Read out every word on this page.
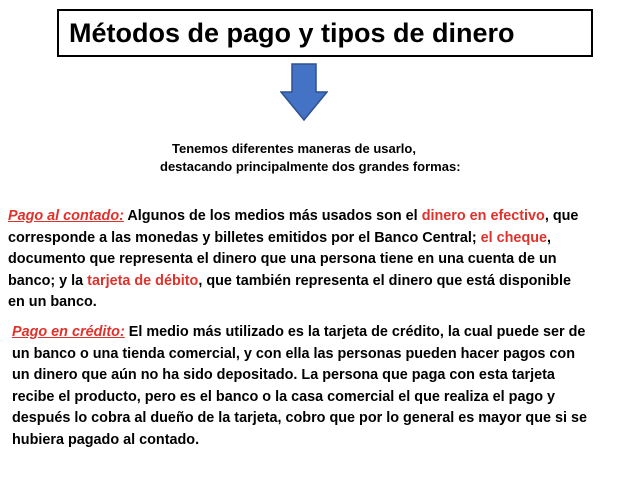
Métodos de pago y tipos de dinero
Tenemos diferentes maneras de usarlo,
destacando principalmente dos grandes formas:

Pago al contado: Algunos de los medios más usados son el dinero en efectivo, que
corresponde a las monedas y billetes emitidos por el Banco Central; el cheque,
documento que representa el dinero que una persona tiene en una cuenta de un
banco; y la tarjeta de débito, que también representa el dinero que está disponible
en un banco.

Pago en crédito: El medio más utilizado es la tarjeta de crédito, la cual puede ser de
un banco o una tienda comercial, y con ella las personas pueden hacer pagos con
un dinero que aún no ha sido depositado. La persona que paga con esta tarjeta
recibe el producto, pero es el banco o la casa comercial el que realiza el pago y
después lo cobra al dueño de la tarjeta, cobro que por lo general es mayor que si se
hubiera pagado al contado.
